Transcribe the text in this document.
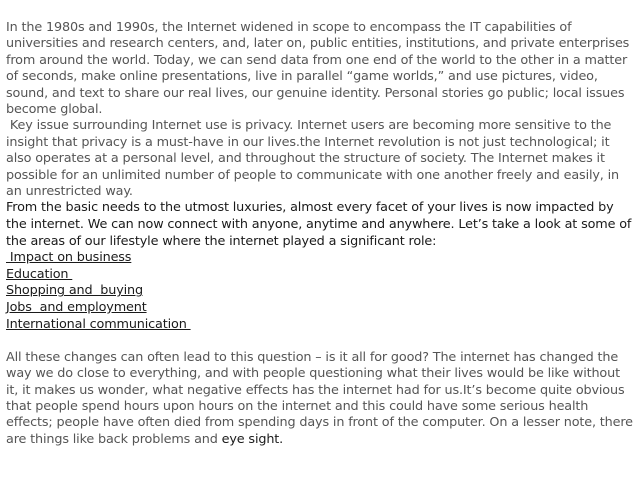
In the 1980s and 1990s, the Internet widened in scope to encompass the IT capabilities of universities and research centers, and, later on, public entities, institutions, and private enterprises from around the world. Today, we can send data from one end of the world to the other in a matter of seconds, make online presentations, live in parallel “game worlds,” and use pictures, video, sound, and text to share our real lives, our genuine identity. Personal stories go public; local issues become global.

Key issue surrounding Internet use is privacy. Internet users are becoming more sensitive to the insight that privacy is a must-have in our lives.the Internet revolution is not just technological; it also operates at a personal level, and throughout the structure of society. The Internet makes it possible for an unlimited number of people to communicate with one another freely and easily, in an unrestricted way.

From the basic needs to the utmost luxuries, almost every facet of your lives is now impacted by the internet. We can now connect with anyone, anytime and anywhere. Let’s take a look at some of the areas of our lifestyle where the internet played a significant role:

Impact on business
Education
Shopping and  buying
Jobs  and employment
International communication

All these changes can often lead to this question – is it all for good? The internet has changed the way we do close to everything, and with people questioning what their lives would be like without it, it makes us wonder, what negative effects has the internet had for us.It’s become quite obvious that people spend hours upon hours on the internet and this could have some serious health effects; people have often died from spending days in front of the computer. On a lesser note, there are things like back problems and eye sight.
